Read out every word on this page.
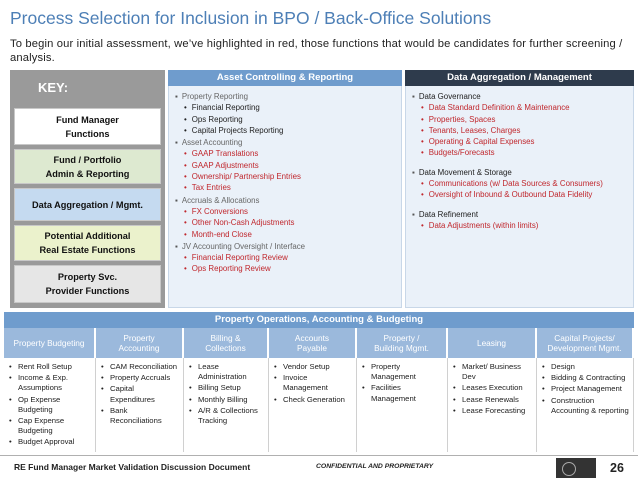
Process Selection for Inclusion in BPO / Back-Office Solutions
To begin our initial assessment, we’ve highlighted in red, those functions that would be candidates for further screening / analysis.
KEY:
Fund Manager
Functions
Fund / Portfolio
Admin & Reporting
Data Aggregation / Mgmt.
Potential Additional
Real Estate Functions
Property Svc.
Provider Functions
Asset Controlling & Reporting
▪ Property Reporting
• Financial Reporting
• Ops Reporting
• Capital Projects Reporting
▪ Asset Accounting
• GAAP Translations
• GAAP Adjustments
• Ownership/ Partnership Entries
• Tax Entries
▪ Accruals & Allocations
• FX Conversions
• Other Non-Cash Adjustments
• Month-end Close
▪ JV Accounting Oversight / Interface
• Financial Reporting Review
• Ops Reporting Review
Data Aggregation / Management
▪ Data Governance
• Data Standard Definition & Maintenance
• Properties, Spaces
• Tenants, Leases, Charges
• Operating & Capital Expenses
• Budgets/Forecasts
▪ Data Movement & Storage
• Communications (w/ Data Sources & Consumers)
• Oversight of Inbound & Outbound Data Fidelity
▪ Data Refinement
• Data Adjustments (within limits)
Property Operations, Accounting & Budgeting
Property Budgeting
• Rent Roll Setup
• Income & Exp. Assumptions
• Op Expense Budgeting
• Cap Expense Budgeting
• Budget Approval
Property
Accounting
• CAM Reconciliation
• Property Accruals
• Capital Expenditures
• Bank Reconciliations
Billing &
Collections
• Lease Administration
• Billing Setup
• Monthly Billing
• A/R & Collections Tracking
Accounts
Payable
• Vendor Setup
• Invoice Management
• Check Generation
Property /
Building Mgmt.
• Property Management
• Facilities Management
Leasing
• Market/ Business Dev
• Leases Execution
• Lease Renewals
• Lease Forecasting
Capital Projects/
Development Mgmt.
• Design
• Bidding & Contracting
• Project Management
• Construction Accounting & reporting
RE Fund Manager Market Validation Discussion Document	CONFIDENTIAL AND PROPRIETARY	26
